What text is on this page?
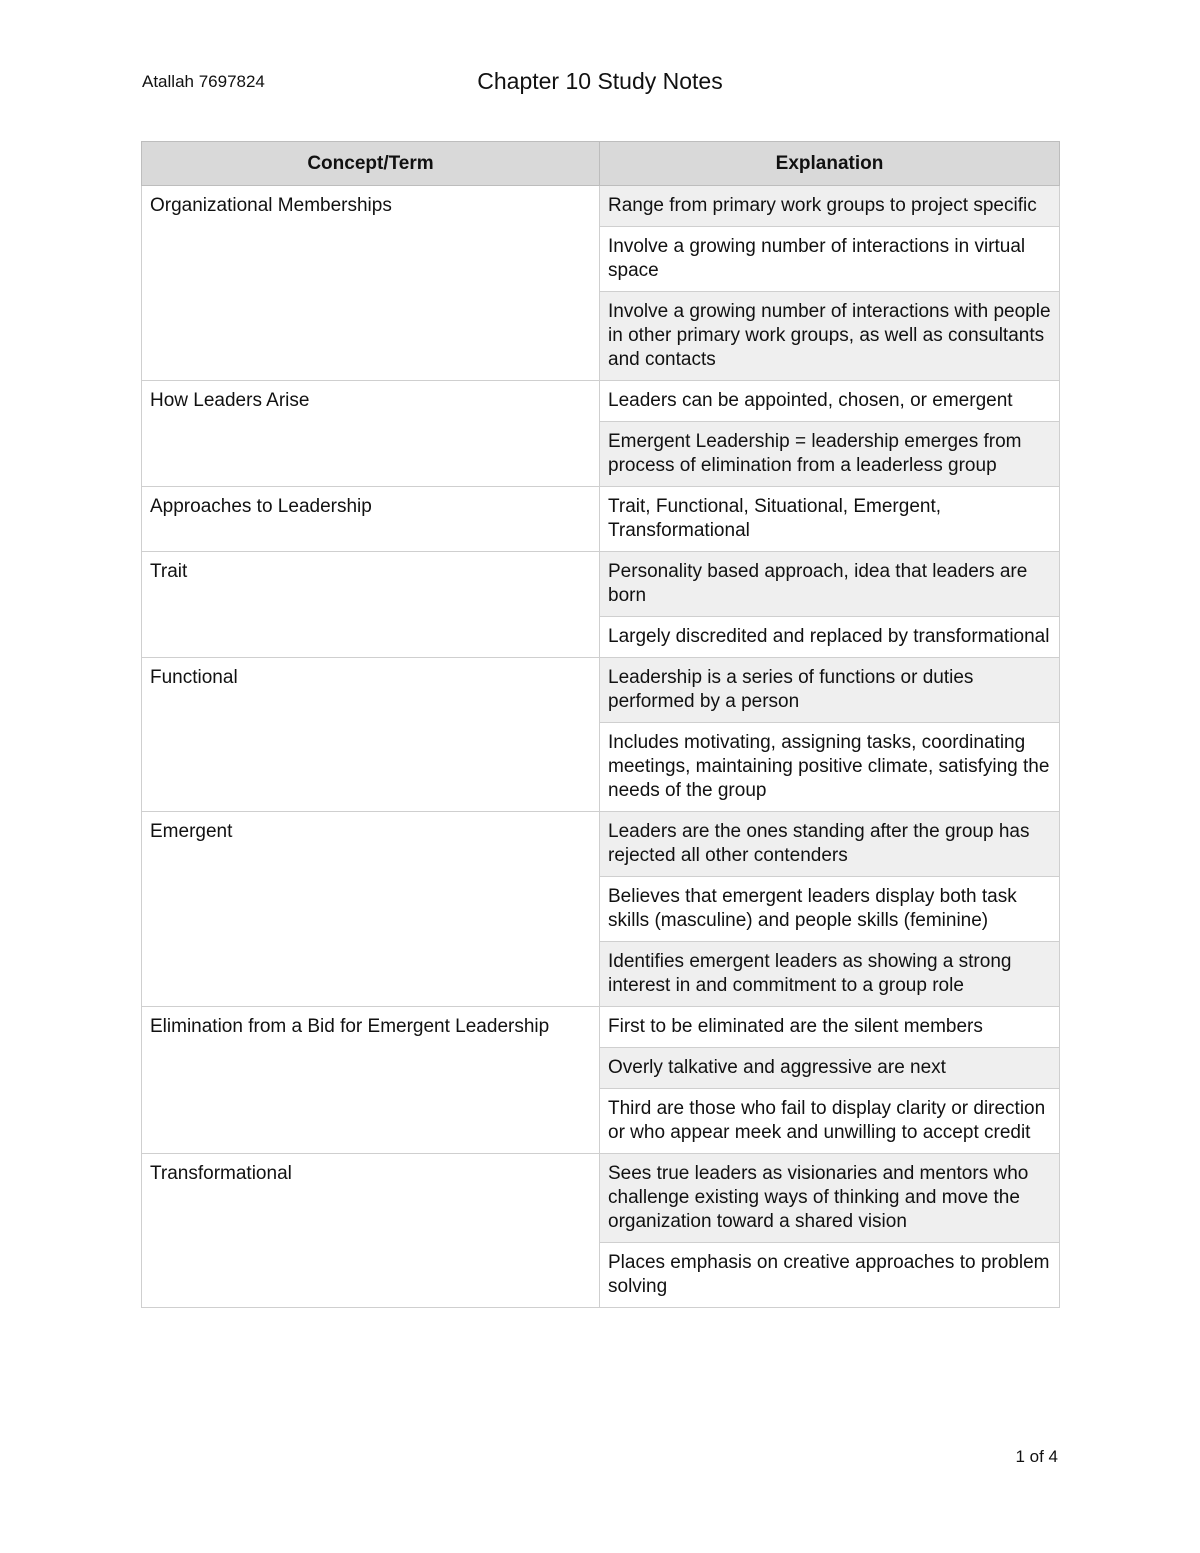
Atallah 7697824	Chapter 10 Study Notes
Concept/Term	Explanation
Organizational Memberships	Range from primary work groups to project specific
	Involve a growing number of interactions in virtual space
	Involve a growing number of interactions with people in other primary work groups, as well as consultants and contacts
How Leaders Arise	Leaders can be appointed, chosen, or emergent
	Emergent Leadership = leadership emerges from process of elimination from a leaderless group
Approaches to Leadership	Trait, Functional, Situational, Emergent, Transformational
Trait	Personality based approach, idea that leaders are born
	Largely discredited and replaced by transformational
Functional	Leadership is a series of functions or duties performed by a person
	Includes motivating, assigning tasks, coordinating meetings, maintaining positive climate, satisfying the needs of the group
Emergent	Leaders are the ones standing after the group has rejected all other contenders
	Believes that emergent leaders display both task skills (masculine) and people skills (feminine)
	Identifies emergent leaders as showing a strong interest in and commitment to a group role
Elimination from a Bid for Emergent Leadership	First to be eliminated are the silent members
	Overly talkative and aggressive are next
	Third are those who fail to display clarity or direction or who appear meek and unwilling to accept credit
Transformational	Sees true leaders as visionaries and mentors who challenge existing ways of thinking and move the organization toward a shared vision
	Places emphasis on creative approaches to problem solving
1 of 4
